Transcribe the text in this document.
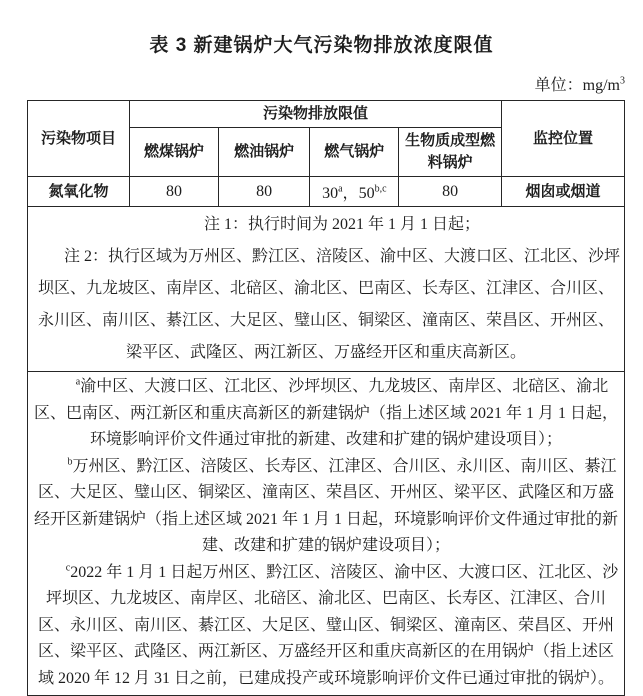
表 3 新建锅炉大气污染物排放浓度限值
单位：$mg/m^3$
污染物项目	污染物排放限值				监控位置
	燃煤锅炉	燃油锅炉	燃气锅炉	生物质成型燃料锅炉	
氮氧化物	80	80	30$^a$，50$^{b,c}$	80	烟囱或烟道

注 1：执行时间为 2021 年 1 月 1 日起；

注 2：执行区域为万州区、黔江区、涪陵区、渝中区、大渡口区、江北区、沙坪坝区、九龙坡区、南岸区、北碚区、渝北区、巴南区、长寿区、江津区、合川区、永川区、南川区、綦江区、大足区、璧山区、铜梁区、潼南区、荣昌区、开州区、梁平区、武隆区、两江新区、万盛经开区和重庆高新区。					

$^a$渝中区、大渡口区、江北区、沙坪坝区、九龙坡区、南岸区、北碚区、渝北区、巴南区、两江新区和重庆高新区的新建锅炉（指上述区域 2021 年 1 月 1 日起，环境影响评价文件通过审批的新建、改建和扩建的锅炉建设项目）；

$^b$万州区、黔江区、涪陵区、长寿区、江津区、合川区、永川区、南川区、綦江区、大足区、璧山区、铜梁区、潼南区、荣昌区、开州区、梁平区、武隆区和万盛经开区新建锅炉（指上述区域 2021 年 1 月 1 日起，环境影响评价文件通过审批的新建、改建和扩建的锅炉建设项目）；

$^c$2022 年 1 月 1 日起万州区、黔江区、涪陵区、渝中区、大渡口区、江北区、沙坪坝区、九龙坡区、南岸区、北碚区、渝北区、巴南区、长寿区、江津区、合川区、永川区、南川区、綦江区、大足区、璧山区、铜梁区、潼南区、荣昌区、开州区、梁平区、武隆区、两江新区、万盛经开区和重庆高新区的在用锅炉（指上述区域 2020 年 12 月 31 日之前，已建成投产或环境影响评价文件已通过审批的锅炉）。					
